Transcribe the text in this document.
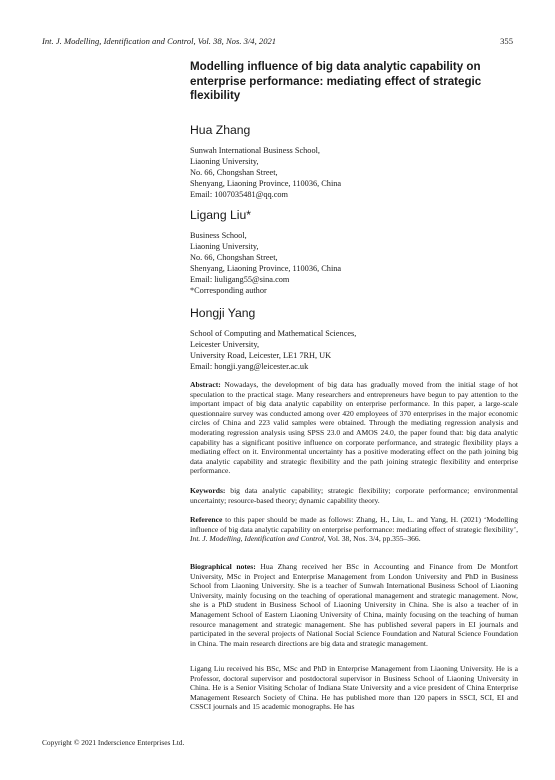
Int. J. Modelling, Identification and Control, Vol. 38, Nos. 3/4, 2021	355
Modelling influence of big data analytic capability on enterprise performance: mediating effect of strategic flexibility
Hua Zhang
Sunwah International Business School,
Liaoning University,
No. 66, Chongshan Street,
Shenyang, Liaoning Province, 110036, China
Email: 1007035481@qq.com
Ligang Liu*
Business School,
Liaoning University,
No. 66, Chongshan Street,
Shenyang, Liaoning Province, 110036, China
Email: liuligang55@sina.com
*Corresponding author
Hongji Yang
School of Computing and Mathematical Sciences,
Leicester University,
University Road, Leicester, LE1 7RH, UK
Email: hongji.yang@leicester.ac.uk
Abstract: Nowadays, the development of big data has gradually moved from the initial stage of hot speculation to the practical stage. Many researchers and entrepreneurs have begun to pay attention to the important impact of big data analytic capability on enterprise performance. In this paper, a large-scale questionnaire survey was conducted among over 420 employees of 370 enterprises in the major economic circles of China and 223 valid samples were obtained. Through the mediating regression analysis and moderating regression analysis using SPSS 23.0 and AMOS 24.0, the paper found that: big data analytic capability has a significant positive influence on corporate performance, and strategic flexibility plays a mediating effect on it. Environmental uncertainty has a positive moderating effect on the path joining big data analytic capability and strategic flexibility and the path joining strategic flexibility and enterprise performance.
Keywords: big data analytic capability; strategic flexibility; corporate performance; environmental uncertainty; resource-based theory; dynamic capability theory.
Reference to this paper should be made as follows: Zhang, H., Liu, L. and Yang, H. (2021) ‘Modelling influence of big data analytic capability on enterprise performance: mediating effect of strategic flexibility’, Int. J. Modelling, Identification and Control, Vol. 38, Nos. 3/4, pp.355–366.
Biographical notes: Hua Zhang received her BSc in Accounting and Finance from De Montfort University, MSc in Project and Enterprise Management from London University and PhD in Business School from Liaoning University. She is a teacher of Sunwah International Business School of Liaoning University, mainly focusing on the teaching of operational management and strategic management. Now, she is a PhD student in Business School of Liaoning University in China. She is also a teacher of in Management School of Eastern Liaoning University of China, mainly focusing on the teaching of human resource management and strategic management. She has published several papers in EI journals and participated in the several projects of National Social Science Foundation and Natural Science Foundation in China. The main research directions are big data and strategic management.
Ligang Liu received his BSc, MSc and PhD in Enterprise Management from Liaoning University. He is a Professor, doctoral supervisor and postdoctoral supervisor in Business School of Liaoning University in China. He is a Senior Visiting Scholar of Indiana State University and a vice president of China Enterprise Management Research Society of China. He has published more than 120 papers in SSCI, SCI, EI and CSSCI journals and 15 academic monographs. He has
Copyright © 2021 Inderscience Enterprises Ltd.
